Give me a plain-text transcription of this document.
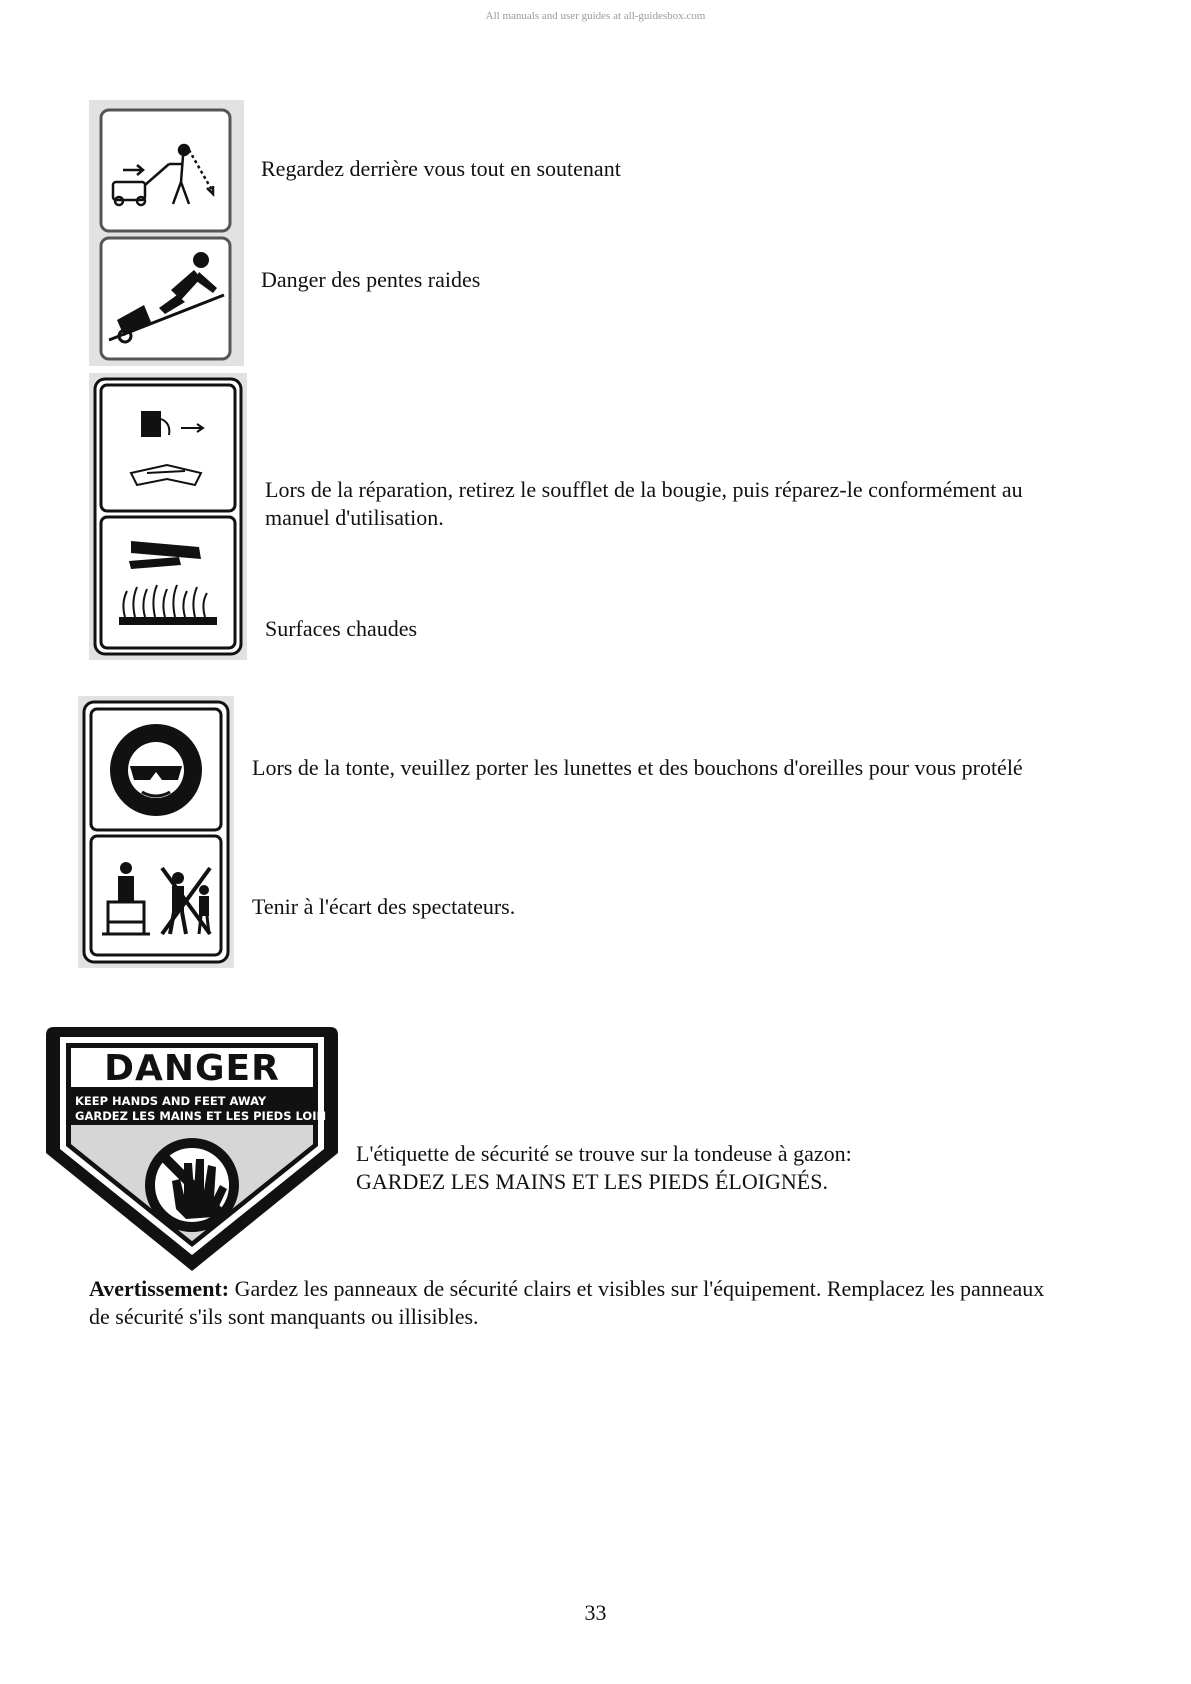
All manuals and user guides at all-guidesbox.com
Regardez derrière vous tout en soutenant
Danger des pentes raides
Lors de la réparation, retirez le soufflet de la bougie, puis réparez-le conformément au manuel d'utilisation.
Surfaces chaudes
Lors de la tonte, veuillez porter les lunettes et des bouchons d'oreilles pour vous protélé
Tenir à l'écart des spectateurs.
DANGER
KEEP HANDS AND FEET AWAY
GARDEZ LES MAINS ET LES PIEDS LOIN
L'étiquette de sécurité se trouve sur la tondeuse à gazon:
GARDEZ LES MAINS ET LES PIEDS ÉLOIGNÉS.
Avertissement: Gardez les panneaux de sécurité clairs et visibles sur l'équipement. Remplacez les panneaux de sécurité s'ils sont manquants ou illisibles.
33
